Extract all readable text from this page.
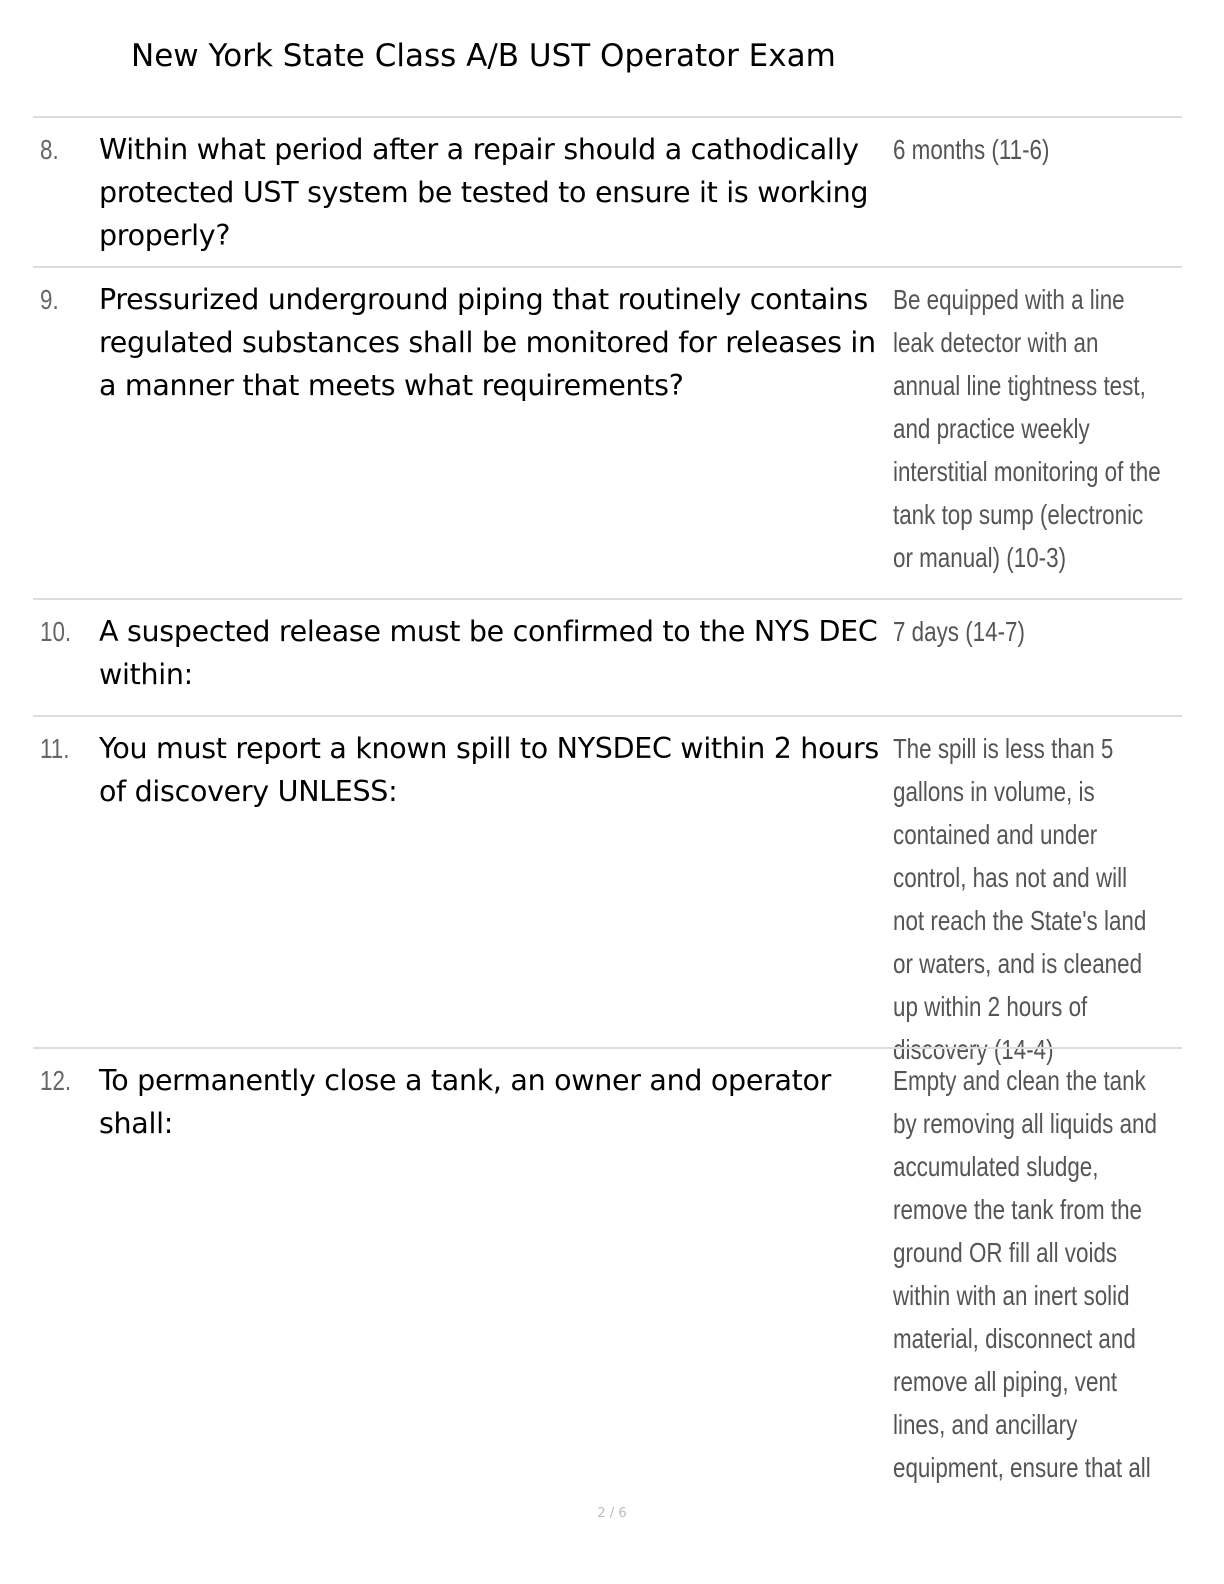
New York State Class A/B UST Operator Exam
8. Within what period after a repair should a cathodically protected UST system be tested to ensure it is working properly?
6 months (11-6)
9. Pressurized underground piping that routinely contains regulated substances shall be monitored for releases in a manner that meets what requirements?
Be equipped with a line leak detector with an annual line tightness test, and practice weekly interstitial monitoring of the tank top sump (electronic or manual) (10-3)
10. A suspected release must be confirmed to the NYS DEC within:
7 days (14-7)
11. You must report a known spill to NYSDEC within 2 hours of discovery UNLESS:
The spill is less than 5 gallons in volume, is contained and under control, has not and will not reach the State's land or waters, and is cleaned up within 2 hours of discovery (14-4)
12. To permanently close a tank, an owner and operator shall:
Empty and clean the tank by removing all liquids and accumulated sludge, remove the tank from the ground OR fill all voids within with an inert solid material, disconnect and remove all piping, vent lines, and ancillary equipment, ensure that all
2 / 6
